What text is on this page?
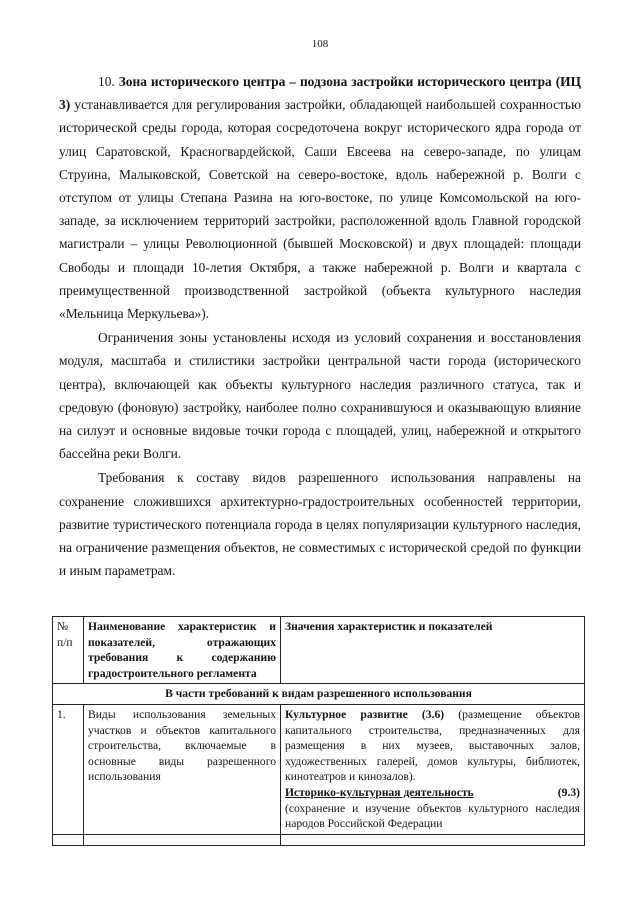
108

10. Зона исторического центра – подзона застройки исторического центра (ИЦ 3) устанавливается для регулирования застройки, обладающей наибольшей сохранностью исторической среды города, которая сосредоточена вокруг исторического ядра города от улиц Саратовской, Красногвардейской, Саши Евсеева на северо-западе, по улицам Струина, Малыковской, Советской на северо-востоке, вдоль набережной р. Волги с отступом от улицы Степана Разина на юго-востоке, по улице Комсомольской на юго-западе, за исключением территорий застройки, расположенной вдоль Главной городской магистрали – улицы Революционной (бывшей Московской) и двух площадей: площади Свободы и площади 10-летия Октября, а также набережной р. Волги и квартала с преимущественной производственной застройкой (объекта культурного наследия «Мельница Меркульева»).

Ограничения зоны установлены исходя из условий сохранения и восстановления модуля, масштаба и стилистики застройки центральной части города (исторического центра), включающей как объекты культурного наследия различного статуса, так и средовую (фоновую) застройку, наиболее полно сохранившуюся и оказывающую влияние на силуэт и основные видовые точки города с площадей, улиц, набережной и открытого бассейна реки Волги.

Требования к составу видов разрешенного использования направлены на сохранение сложившихся архитектурно-градостроительных особенностей территории, развитие туристического потенциала города в целях популяризации культурного наследия, на ограничение размещения объектов, не совместимых с исторической средой по функции и иным параметрам.

№ п/п	Наименование характеристик и показателей, отражающих требования к содержанию градостроительного регламента	Значения характеристик и показателей
В части требований к видам разрешенного использования		
1.	Виды использования земельных участков и объектов капитального строительства, включаемые в основные виды разрешенного использования	Культурное развитие (3.6) (размещение объектов капитального строительства, предназначенных для размещения в них музеев, выставочных залов, художественных галерей, домов культуры, библиотек, кинотеатров и кинозалов).
Историко-культурная деятельность (9.3)
(сохранение и изучение объектов культурного наследия народов Российской Федерации
